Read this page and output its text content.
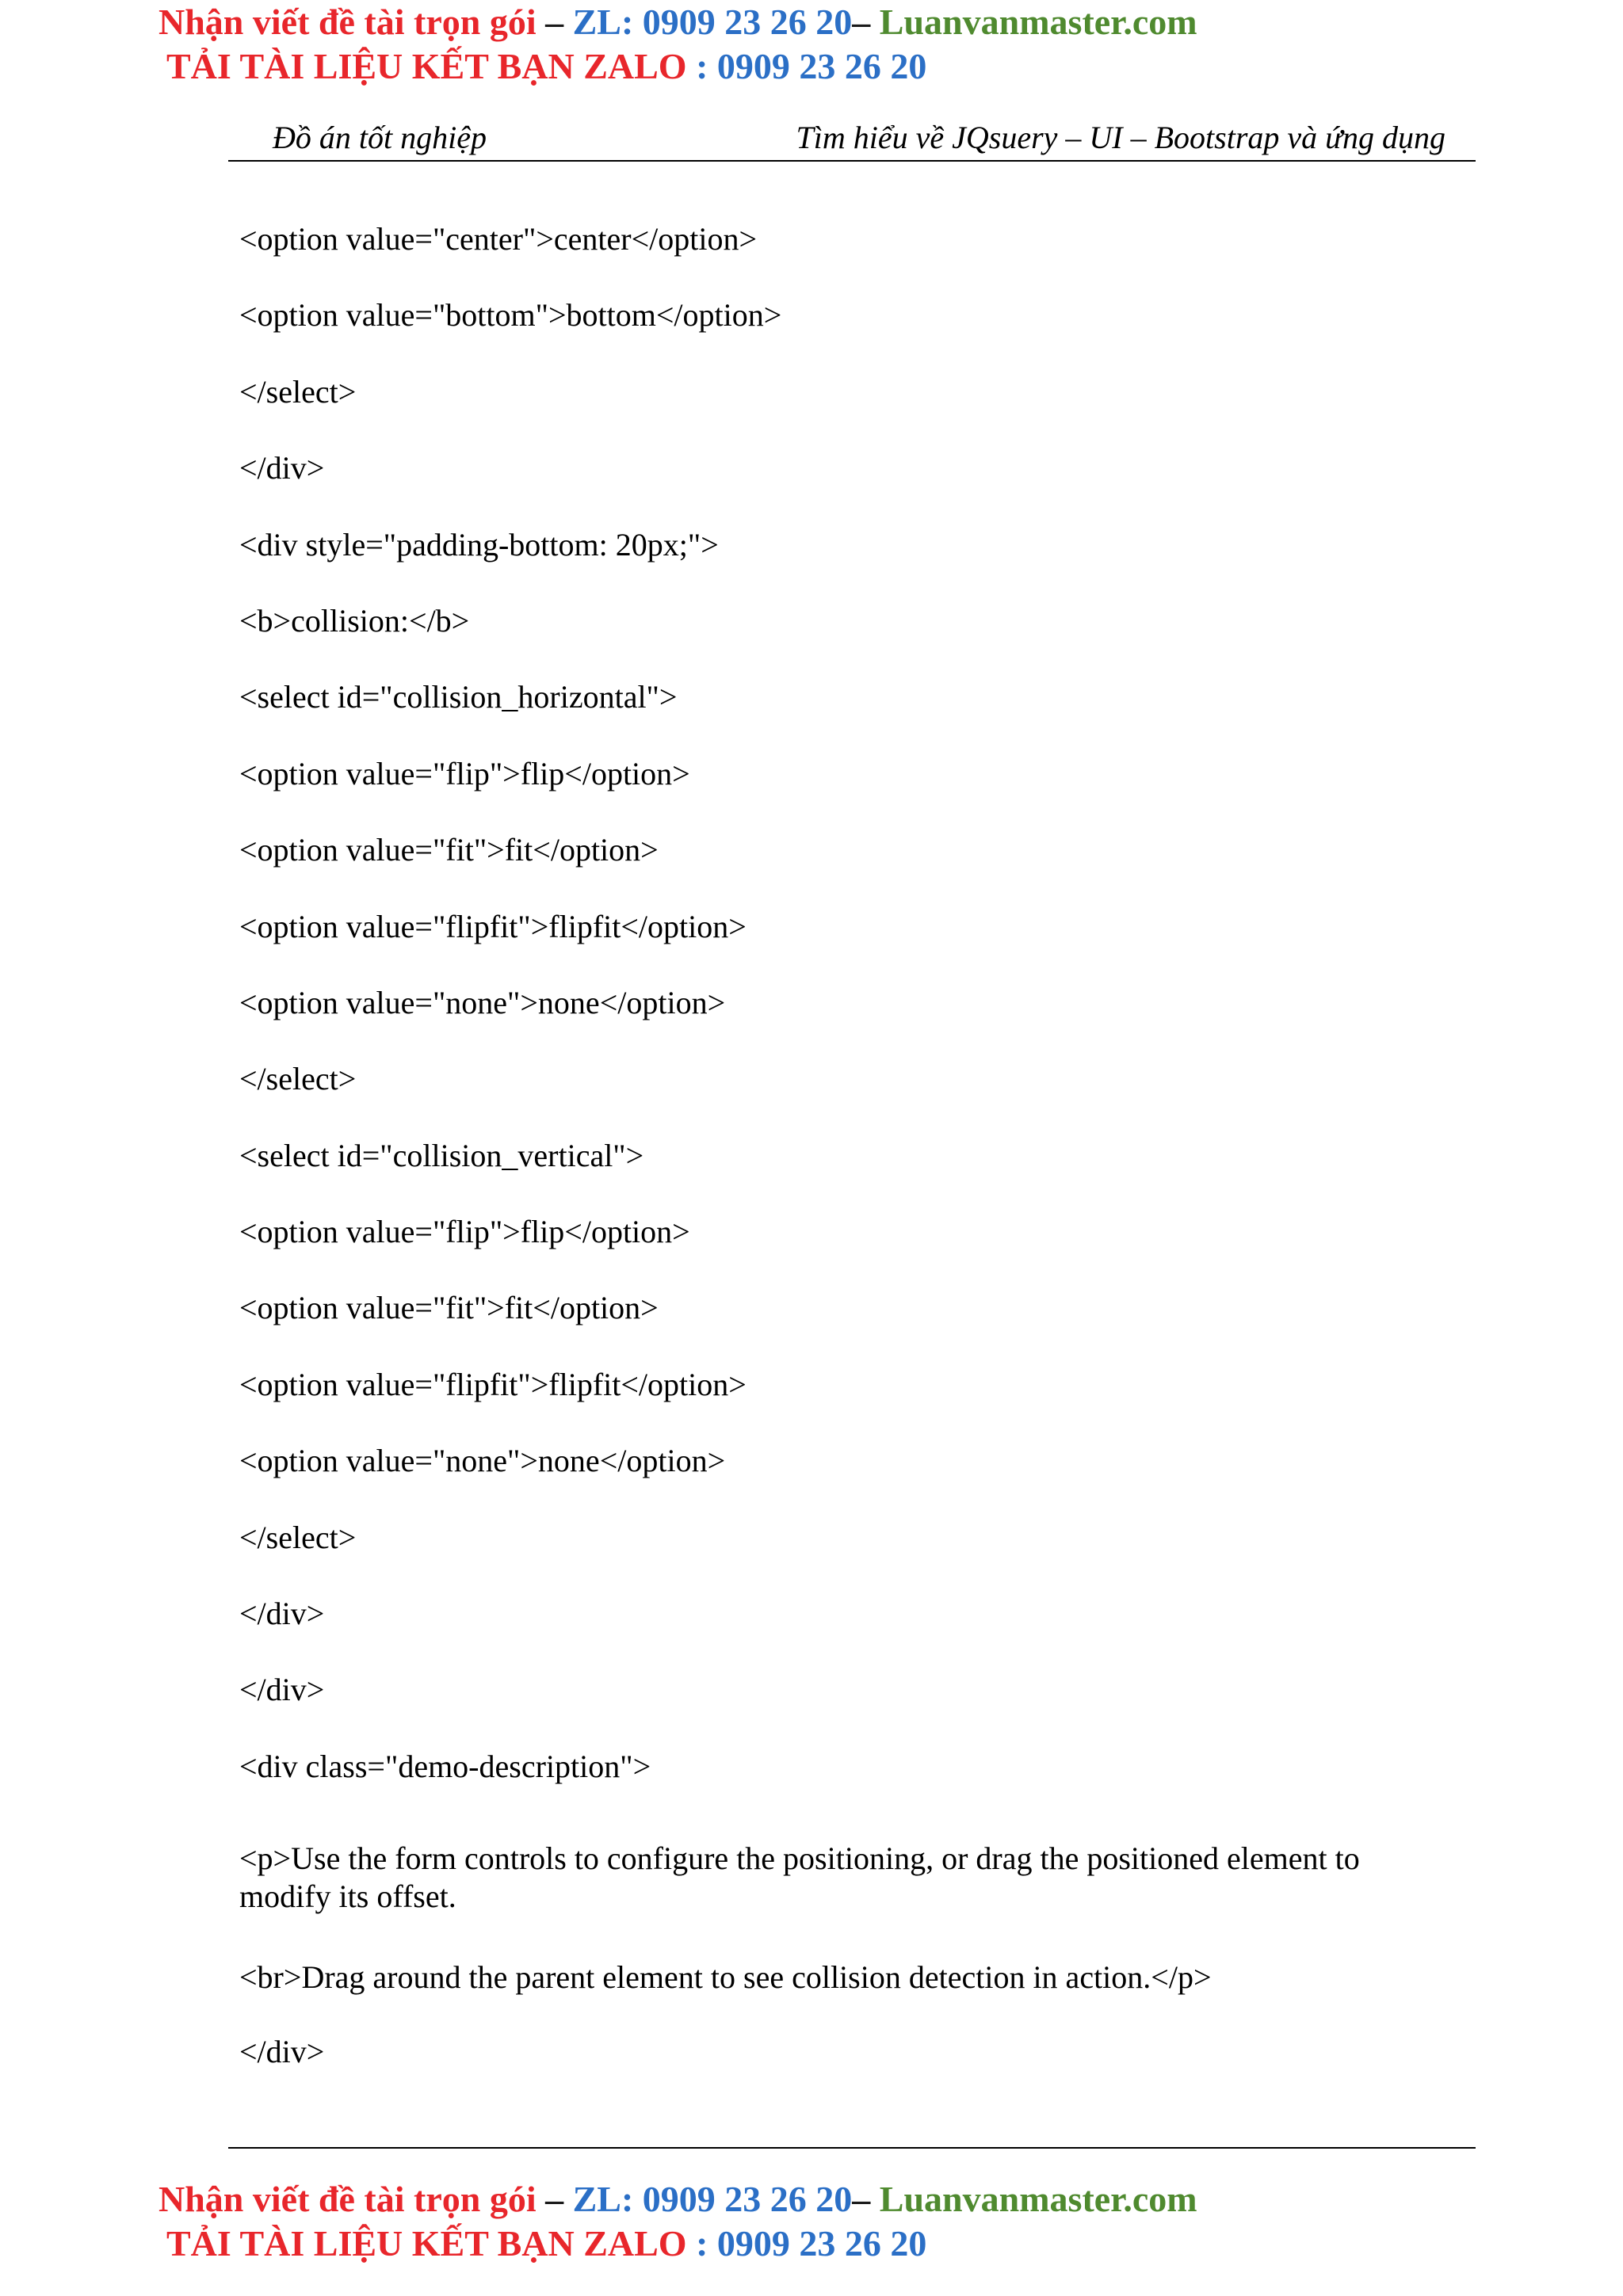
Nhận viết đề tài trọn gói – ZL: 0909 23 26 20– Luanvanmaster.com
TẢI TÀI LIỆU KẾT BẠN ZALO : 0909 23 26 20
Đồ án tốt nghiệp	Tìm hiểu về JQsuery – UI – Bootstrap và ứng dụng
<option value="center">center</option>
<option value="bottom">bottom</option>
</select>
</div>
<div style="padding-bottom: 20px;">
<b>collision:</b>
<select id="collision_horizontal">
<option value="flip">flip</option>
<option value="fit">fit</option>
<option value="flipfit">flipfit</option>
<option value="none">none</option>
</select>
<select id="collision_vertical">
<option value="flip">flip</option>
<option value="fit">fit</option>
<option value="flipfit">flipfit</option>
<option value="none">none</option>
</select>
</div>
</div>
<div class="demo-description">
<p>Use the form controls to configure the positioning, or drag the positioned element to modify its offset.
<br>Drag around the parent element to see collision detection in action.</p>
</div>
Nhận viết đề tài trọn gói – ZL: 0909 23 26 20– Luanvanmaster.com
TẢI TÀI LIỆU KẾT BẠN ZALO : 0909 23 26 20
